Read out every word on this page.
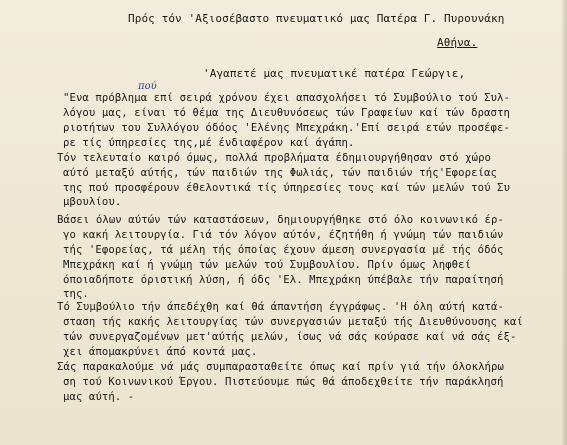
Πρός τόν 'Αξιοσέβαστο πνευματικό μας Πατέρα Γ. Πυρουνάκη
Αθήνα.
'Αγαπετέ μας πνευματικέ πατέρα Γεώργιε,
πού
"Ενα πρόβλημα επί σειρά χρόνου έχει απασχολήσει τό Συμβούλιο τού Συλ-
λόγου μας, είναι τό θέμα της Διευθυνόσεως τών Γραφείων καί τών δραστη
ριοτήτων του Συλλόγου όδόος 'Ελένης Μπεχράκη.'Επί σειρά ετών προσέφε-
ρε τίς ύπηρεσίες της,μέ ένδιαφέρον καί άγάπη.
Τόν τελευταίο καιρό όμως, πολλά προβλήματα έδημιουργήθησαν στό χώρο
αύτό μεταξύ αύτής, τών παιδιών της Φωλιάς, τών παιδιών τής'Εφορείας
της πού προσφέρουν έθελοντικά τίς ύπηρεσίες τους καί τών μελών τού Συ
μβουλίου.
Βάσει όλων αύτών τών καταστάσεων, δημιουργήθηκε στό όλο κοινωνικό έρ-
γο κακή λειτουργία. Γιά τόν λόγον αύτόν, έζητήθη ή γνώμη τών παιδιών
τής 'Εφορείας, τά μέλη τής όποίας έχουν άμεση συνεργασία μέ τής όδός
Μπεχράκη καί ή γνώμη τών μελών τού Συμβουλίου. Πρίν όμως ληφθεί
όποιαδήποτε όριστική λύση, ή όδς 'Ελ. Μπεχράκη ύπέβαλε τήν παραίτησή
της.
Τό Συμβούλιο τήν άπεδέχθη καί θά άπαντήση έγγράφως. 'Η όλη αύτή κατά-
σταση τής κακής λειτουργίας τών συνεργασιών μεταξύ τής Διευθύνουσης καί
τών συνεργαζομένων μετ'αύτής μελών, ίσως νά σάς κούρασε καί νά σάς έξ-
χει άπομακρύνει άπό κοντά μας.
Σάς παρακαλούμε νά μάς συμπαρασταθείτε όπως καί πρίν γιά τήν όλοκλήρω
ση τού Κοινωνικού Έργου. Πιστεύουμε πώς θά άποδεχθείτε τήν παράκλησή
μας αύτή. -
